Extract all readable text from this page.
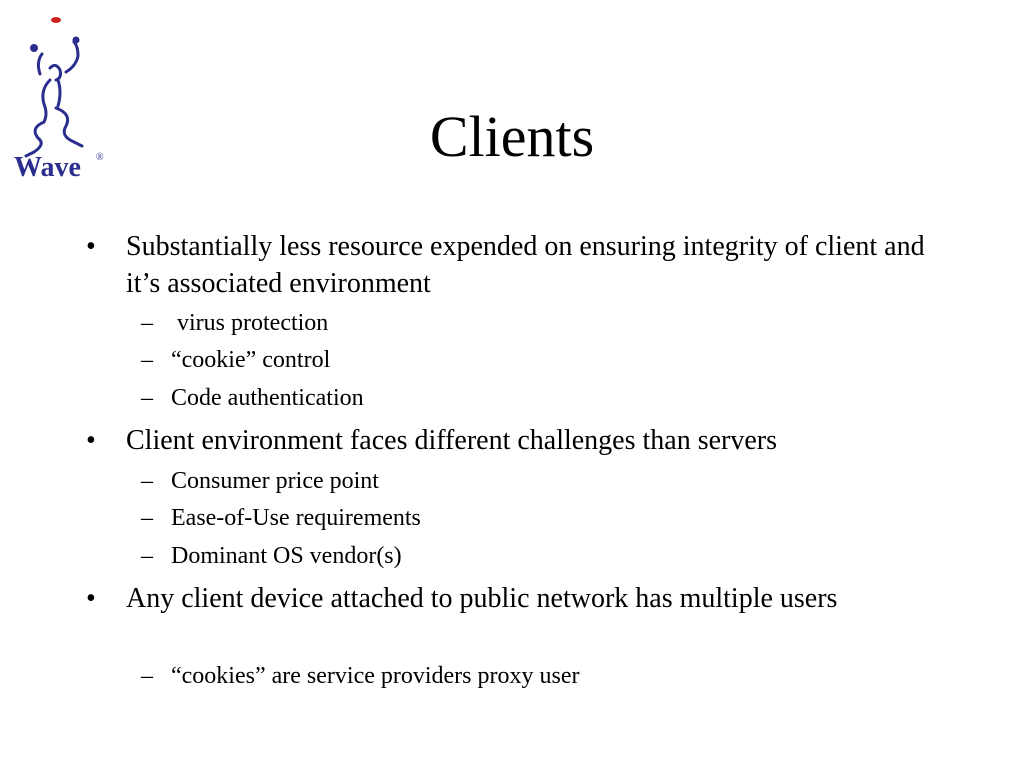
Wave ®	Clients
• Substantially less resource expended on ensuring integrity of client and it’s associated environment
– virus protection
– “cookie” control
– Code authentication
• Client environment faces different challenges than servers
– Consumer price point
– Ease-of-Use requirements
– Dominant OS vendor(s)
• Any client device attached to public network has multiple users
– “cookies” are service providers proxy user
